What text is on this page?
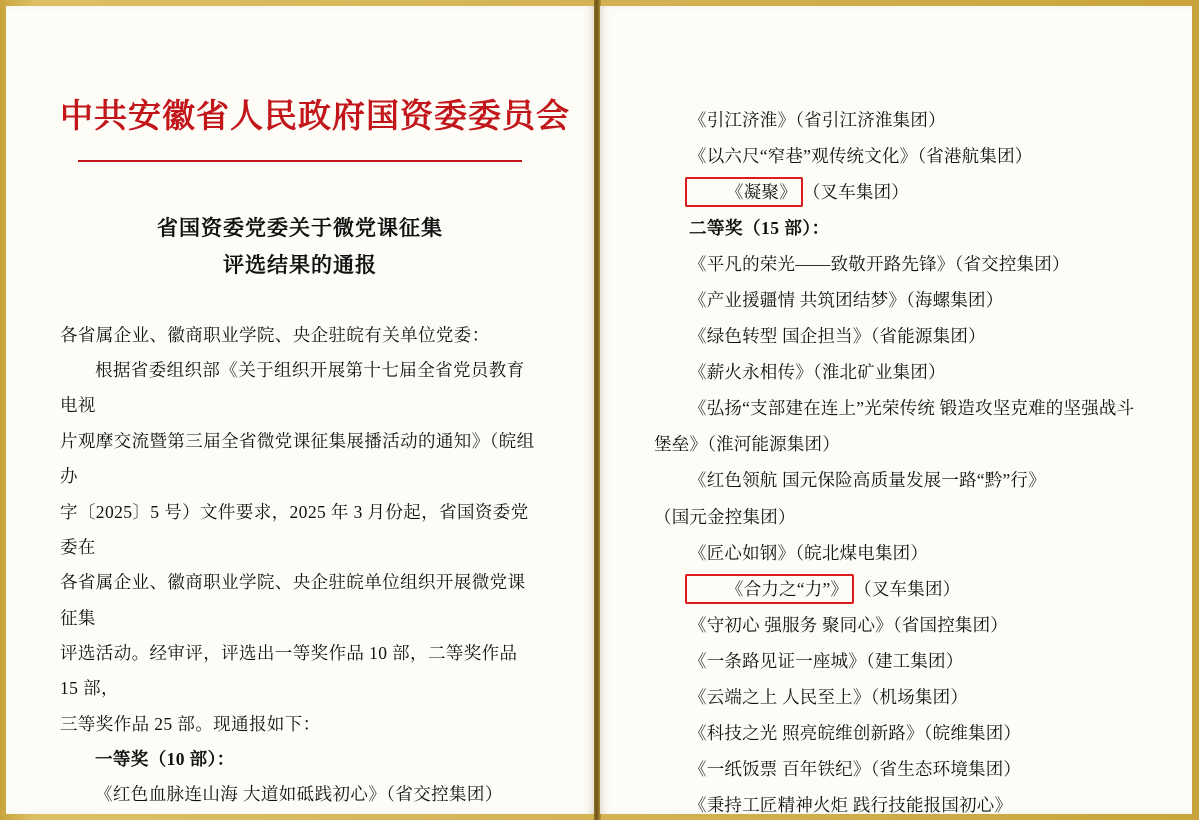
中共安徽省人民政府国资委委员会
省国资委党委关于微党课征集
评选结果的通报

各省属企业、徽商职业学院、央企驻皖有关单位党委：

根据省委组织部《关于组织开展第十七届全省党员教育电视

片观摩交流暨第三届全省微党课征集展播活动的通知》（皖组办

字〔2025〕5 号）文件要求，2025 年 3 月份起，省国资委党委在

各省属企业、徽商职业学院、央企驻皖单位组织开展微党课征集

评选活动。经审评，评选出一等奖作品 10 部，二等奖作品 15 部，

三等奖作品 25 部。现通报如下：

一等奖（10 部）：

《红色血脉连山海 大道如砥践初心》（省交控集团）

《引江济淮》（省引江济淮集团）

《以六尺“窄巷”观传统文化》（省港航集团）

《凝聚》 （叉车集团）

二等奖（15 部）：

《平凡的荣光——致敬开路先锋》（省交控集团）

《产业援疆情 共筑团结梦》（海螺集团）

《绿色转型 国企担当》（省能源集团）

《薪火永相传》（淮北矿业集团）

《弘扬“支部建在连上”光荣传统 锻造攻坚克难的坚强战斗

堡垒》（淮河能源集团）

《红色领航 国元保险高质量发展一路“黔”行》

（国元金控集团）

《匠心如钢》（皖北煤电集团）

《合力之“力”》 （叉车集团）

《守初心 强服务 聚同心》（省国控集团）

《一条路见证一座城》（建工集团）

《云端之上 人民至上》（机场集团）

《科技之光 照亮皖维创新路》（皖维集团）

《一纸饭票 百年铁纪》（省生态环境集团）

《秉持工匠精神火炬 践行技能报国初心》
